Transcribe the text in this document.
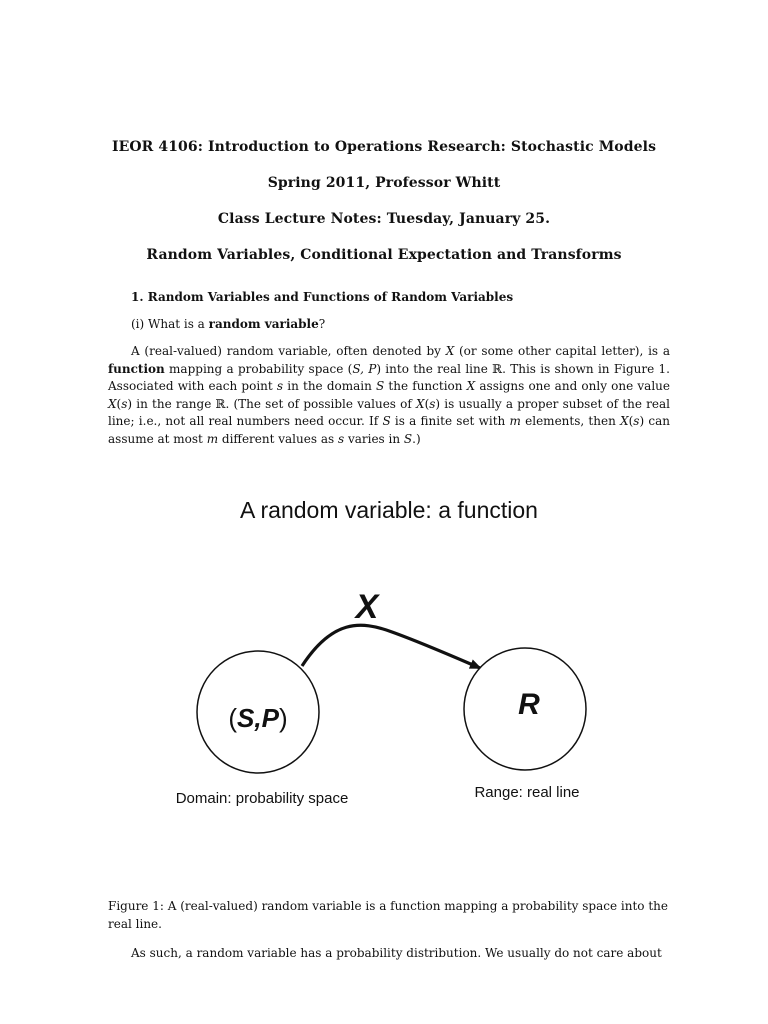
IEOR 4106: Introduction to Operations Research: Stochastic Models
Spring 2011, Professor Whitt
Class Lecture Notes: Tuesday, January 25.
Random Variables, Conditional Expectation and Transforms
1. Random Variables and Functions of Random Variables
(i) What is a random variable?
A (real-valued) random variable, often denoted by X (or some other capital letter), is a function mapping a probability space (S, P) into the real line ℝ. This is shown in Figure 1. Associated with each point s in the domain S the function X assigns one and only one value X(s) in the range ℝ. (The set of possible values of X(s) is usually a proper subset of the real line; i.e., not all real numbers need occur. If S is a finite set with m elements, then X(s) can assume at most m different values as s varies in S.)
A random variable: a function
X
(S,P)	R
Domain: probability space	Range: real line
Figure 1: A (real-valued) random variable is a function mapping a probability space into the real line.
As such, a random variable has a probability distribution. We usually do not care about
